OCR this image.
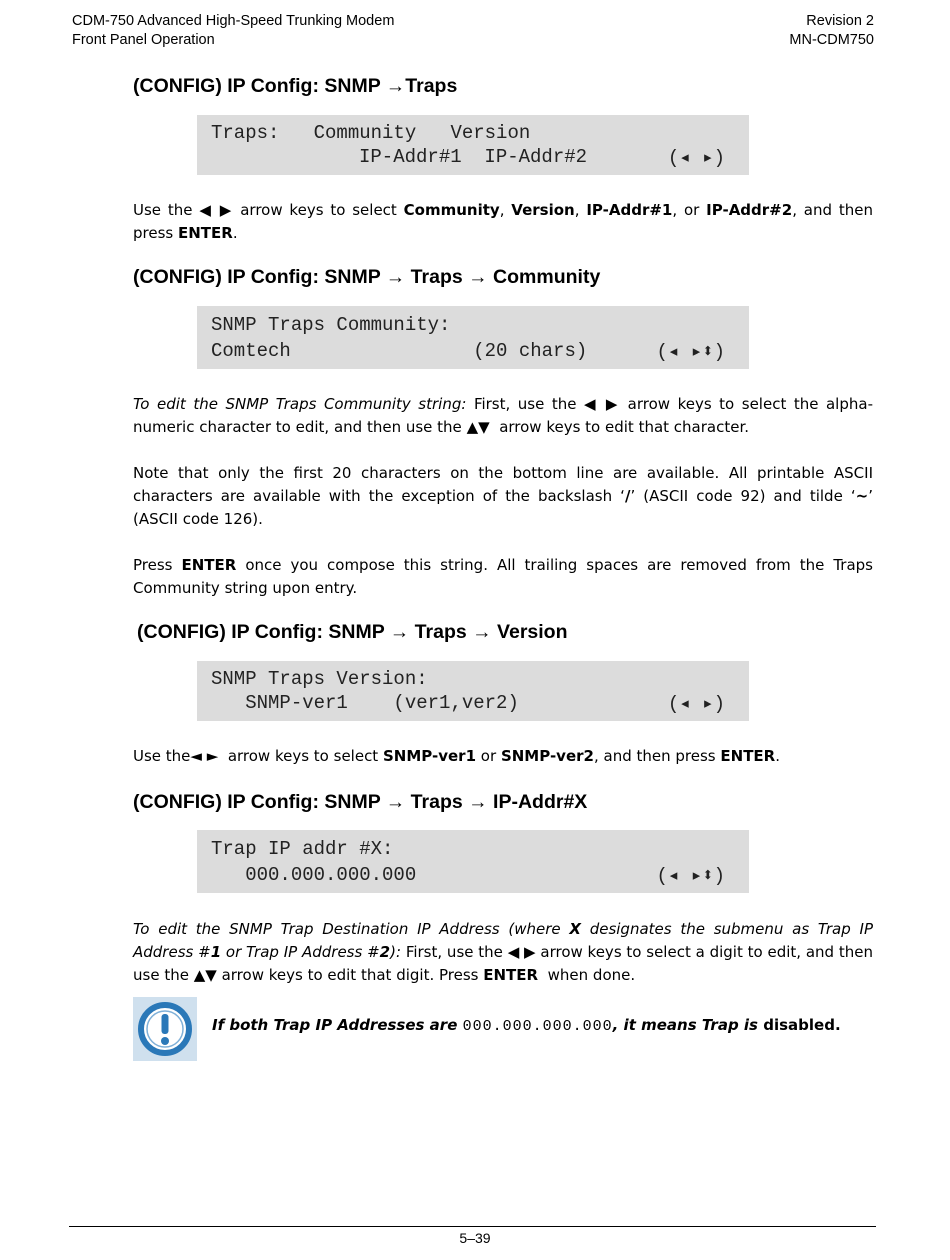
CDM-750 Advanced High-Speed Trunking Modem
Front Panel Operation
Revision 2
MN-CDM750
(CONFIG) IP Config: SNMP →Traps
Traps:   Community   Version
IP-Addr#1  IP-Addr#2	(◂ ▸)

Use the ◀ ▶ arrow keys to select Community, Version, IP-Addr#1, or IP-Addr#2, and then press ENTER.

(CONFIG) IP Config: SNMP → Traps → Community
SNMP Traps Community:
Comtech                (20 chars)	(◂ ▸⬍)

To edit the SNMP Traps Community string: First, use the ◀ ▶ arrow keys to select the alpha-numeric character to edit, and then use the ▲▼ arrow keys to edit that character.

Note that only the first 20 characters on the bottom line are available. All printable ASCII characters are available with the exception of the backslash ‘/’ (ASCII code 92) and tilde ‘~’ (ASCII code 126).

Press ENTER once you compose this string. All trailing spaces are removed from the Traps Community string upon entry.

(CONFIG) IP Config: SNMP → Traps → Version
SNMP Traps Version:
SNMP-ver1    (ver1,ver2)	(◂ ▸)

Use the◄ ► arrow keys to select SNMP-ver1 or SNMP-ver2, and then press ENTER.

(CONFIG) IP Config: SNMP → Traps → IP-Addr#X
Trap IP addr #X:
000.000.000.000	(◂ ▸⬍)

To edit the SNMP Trap Destination IP Address (where X designates the submenu as Trap IP Address #1 or Trap IP Address #2): First, use the ◀ ▶ arrow keys to select a digit to edit, and then use the ▲▼ arrow keys to edit that digit. Press ENTER when done.

If both Trap IP Addresses are 000.000.000.000, it means Trap is disabled.
5–39
